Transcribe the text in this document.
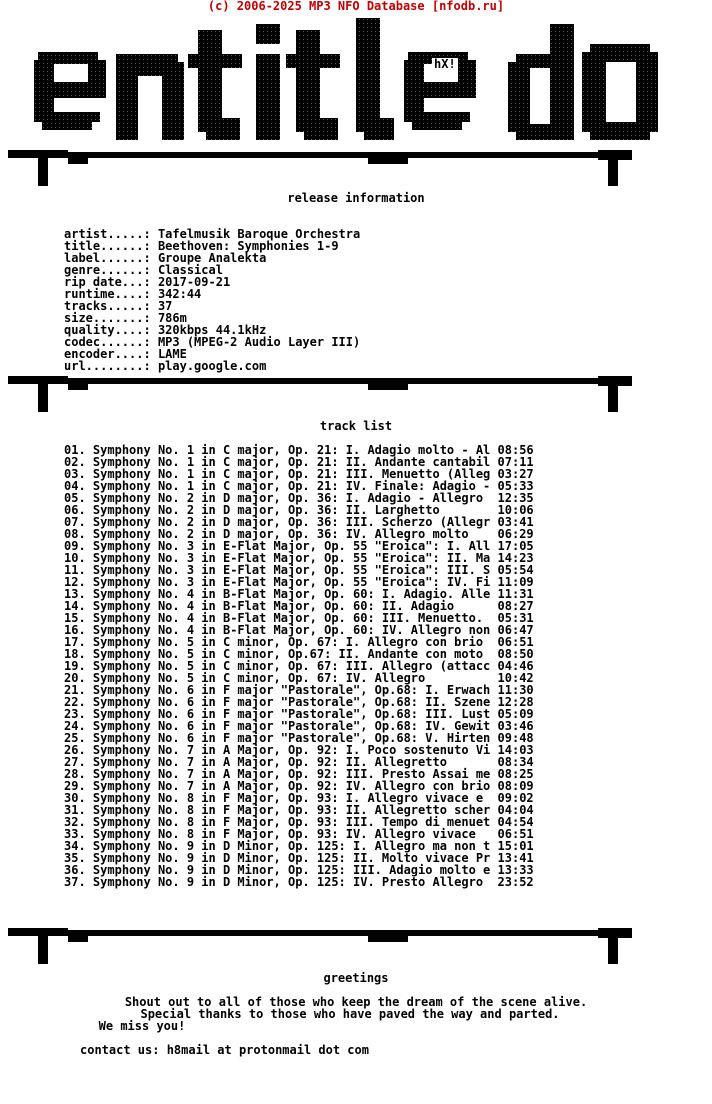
(c) 2006-2025 MP3 NFO Database [nfodb.ru]
hX!
release information
artist.....: Tafelmusik Baroque Orchestra
title......: Beethoven: Symphonies 1-9
label......: Groupe Analekta
genre......: Classical
rip date...: 2017-09-21
runtime....: 342:44
tracks.....: 37
size.......: 786m
quality....: 320kbps 44.1kHz
codec......: MP3 (MPEG-2 Audio Layer III)
encoder....: LAME
url........: play.google.com
track list
01. Symphony No. 1 in C major, Op. 21: I. Adagio molto - Al 08:56
02. Symphony No. 1 in C major, Op. 21: II. Andante cantabil 07:11
03. Symphony No. 1 in C major, Op. 21: III. Menuetto (Alleg 03:27
04. Symphony No. 1 in C major, Op. 21: IV. Finale: Adagio - 05:33
05. Symphony No. 2 in D major, Op. 36: I. Adagio - Allegro  12:35
06. Symphony No. 2 in D major, Op. 36: II. Larghetto        10:06
07. Symphony No. 2 in D major, Op. 36: III. Scherzo (Allegr 03:41
08. Symphony No. 2 in D major, Op. 36: IV. Allegro molto    06:29
09. Symphony No. 3 in E-Flat Major, Op. 55 "Eroica": I. All 17:05
10. Symphony No. 3 in E-Flat Major, Op. 55 "Eroica": II. Ma 14:23
11. Symphony No. 3 in E-Flat Major, Op. 55 "Eroica": III. S 05:54
12. Symphony No. 3 in E-Flat Major, Op. 55 "Eroica": IV. Fi 11:09
13. Symphony No. 4 in B-Flat Major, Op. 60: I. Adagio. Alle 11:31
14. Symphony No. 4 in B-Flat Major, Op. 60: II. Adagio      08:27
15. Symphony No. 4 in B-Flat Major, Op. 60: III. Menuetto.  05:31
16. Symphony No. 4 in B-Flat Major, Op. 60: IV. Allegro non 06:47
17. Symphony No. 5 in C minor, Op. 67: I. Allegro con brio  06:51
18. Symphony No. 5 in C minor, Op.67: II. Andante con moto  08:50
19. Symphony No. 5 in C minor, Op. 67: III. Allegro (attacc 04:46
20. Symphony No. 5 in C minor, Op. 67: IV. Allegro          10:42
21. Symphony No. 6 in F major "Pastorale", Op.68: I. Erwach 11:30
22. Symphony No. 6 in F major "Pastorale", Op.68: II. Szene 12:28
23. Symphony No. 6 in F major "Pastorale", Op.68: III. Lust 05:09
24. Symphony No. 6 in F major "Pastorale", Op.68: IV. Gewit 03:46
25. Symphony No. 6 in F major "Pastorale", Op.68: V. Hirten 09:48
26. Symphony No. 7 in A Major, Op. 92: I. Poco sostenuto Vi 14:03
27. Symphony No. 7 in A Major, Op. 92: II. Allegretto       08:34
28. Symphony No. 7 in A Major, Op. 92: III. Presto Assai me 08:25
29. Symphony No. 7 in A Major, Op. 92: IV. Allegro con brio 08:09
30. Symphony No. 8 in F Major, Op. 93: I. Allegro vivace e  09:02
31. Symphony No. 8 in F Major, Op. 93: II. Allegretto scher 04:04
32. Symphony No. 8 in F Major, Op. 93: III. Tempo di menuet 04:54
33. Symphony No. 8 in F Major, Op. 93: IV. Allegro vivace   06:51
34. Symphony No. 9 in D Minor, Op. 125: I. Allegro ma non t 15:01
35. Symphony No. 9 in D Minor, Op. 125: II. Molto vivace Pr 13:41
36. Symphony No. 9 in D Minor, Op. 125: III. Adagio molto e 13:33
37. Symphony No. 9 in D Minor, Op. 125: IV. Presto Allegro  23:52
greetings
Shout out to all of those who keep the dream of the scene alive.
Special thanks to those who have paved the way and parted.
We miss you!
contact us: h8mail at protonmail dot com
